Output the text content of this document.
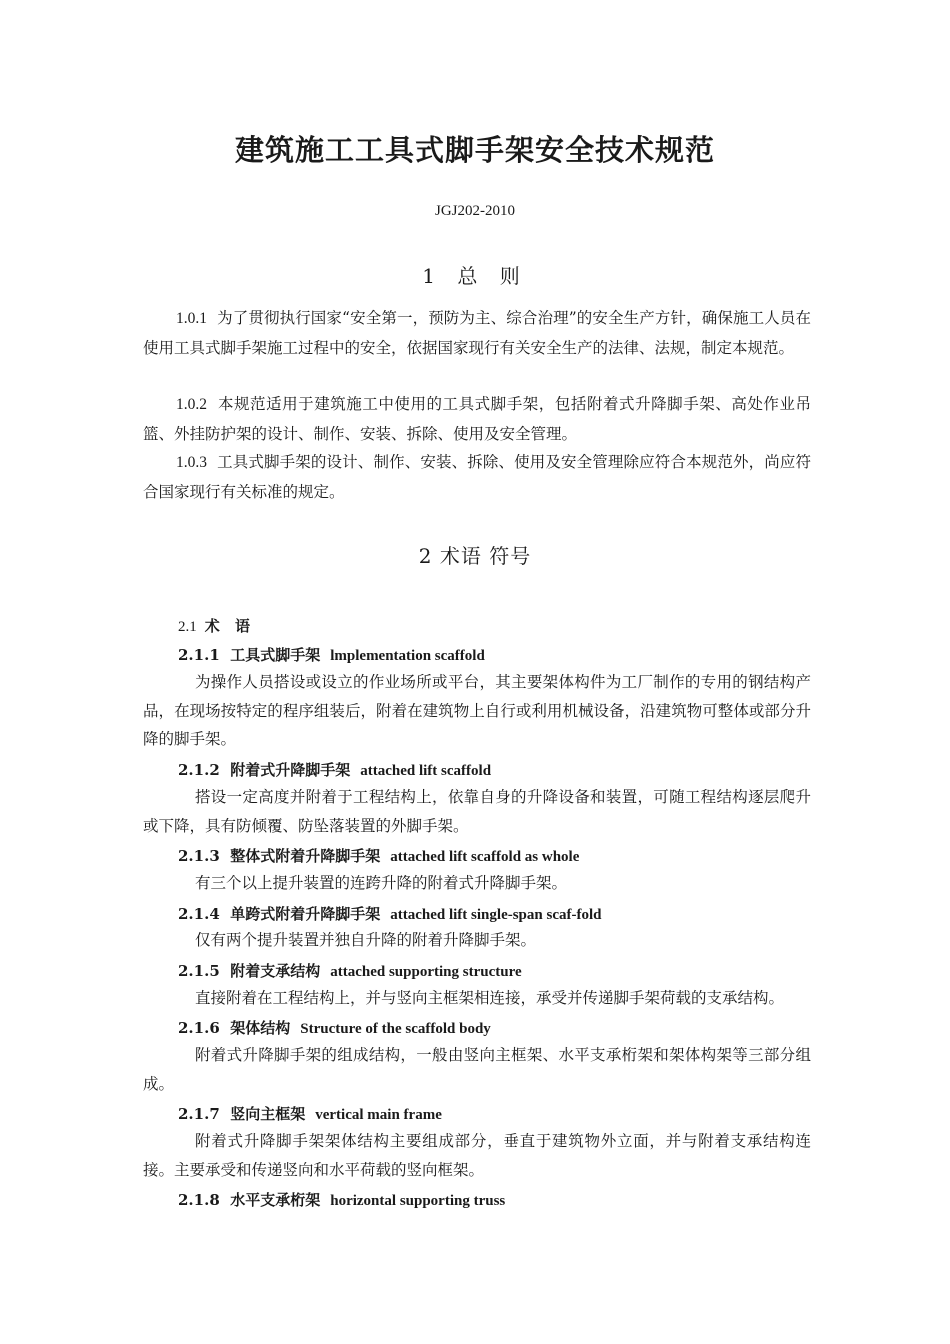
建筑施工工具式脚手架安全技术规范
JGJ202-2010
1 总 则

1.0.1 为了贯彻执行国家“安全第一，预防为主、综合治理”的安全生产方针，确保施工人员在使用工具式脚手架施工过程中的安全，依据国家现行有关安全生产的法律、法规，制定本规范。

1.0.2 本规范适用于建筑施工中使用的工具式脚手架，包括附着式升降脚手架、高处作业吊篮、外挂防护架的设计、制作、安装、拆除、使用及安全管理。

1.0.3 工具式脚手架的设计、制作、安装、拆除、使用及安全管理除应符合本规范外，尚应符合国家现行有关标准的规定。

2 术语 符号
2.1 术 语
2.1.1 工具式脚手架 lmplementation scaffold

为操作人员搭设或设立的作业场所或平台，其主要架体构件为工厂制作的专用的钢结构产品，在现场按特定的程序组装后，附着在建筑物上自行或利用机械设备，沿建筑物可整体或部分升降的脚手架。

2.1.2 附着式升降脚手架 attached lift scaffold

搭设一定高度并附着于工程结构上，依靠自身的升降设备和装置，可随工程结构逐层爬升或下降，具有防倾覆、防坠落装置的外脚手架。

2.1.3 整体式附着升降脚手架 attached lift scaffold as whole

有三个以上提升装置的连跨升降的附着式升降脚手架。

2.1.4 单跨式附着升降脚手架 attached lift single-span scaf-fold

仅有两个提升装置并独自升降的附着升降脚手架。

2.1.5 附着支承结构 attached supporting structure

直接附着在工程结构上，并与竖向主框架相连接，承受并传递脚手架荷载的支承结构。

2.1.6 架体结构 Structure of the scaffold body

附着式升降脚手架的组成结构，一般由竖向主框架、水平支承桁架和架体构架等三部分组成。

2.1.7 竖向主框架 vertical main frame

附着式升降脚手架架体结构主要组成部分，垂直于建筑物外立面，并与附着支承结构连接。主要承受和传递竖向和水平荷载的竖向框架。

2.1.8 水平支承桁架 horizontal supporting truss
